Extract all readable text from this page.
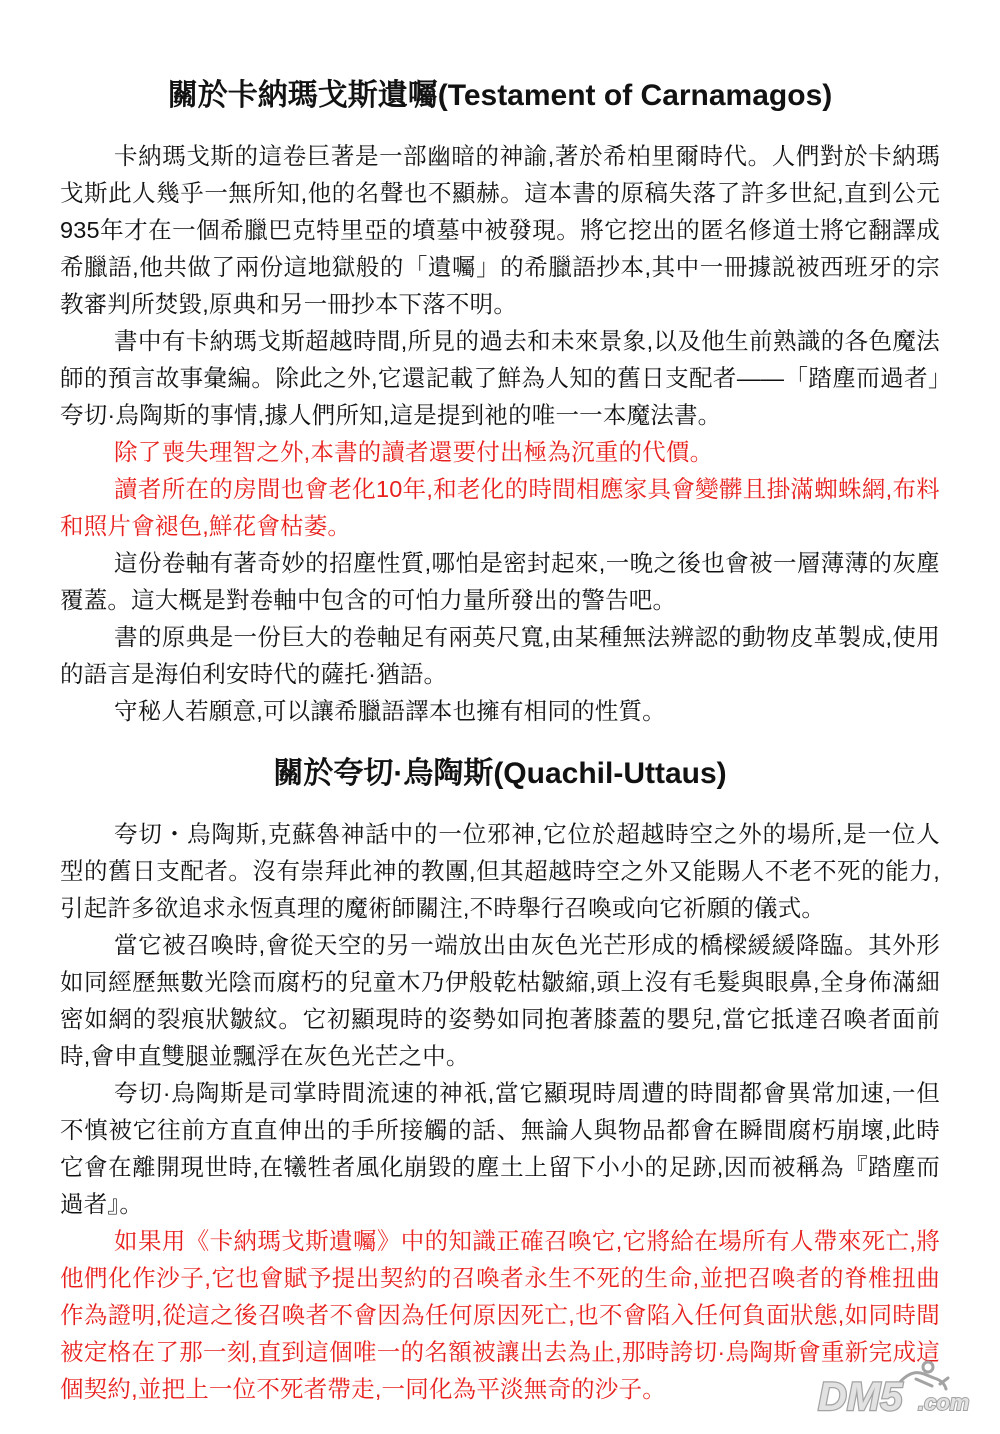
關於卡納瑪戈斯遺囑(Testament of Carnamagos)

卡納瑪戈斯的這卷巨著是一部幽暗的神諭,著於希柏里爾時代。人們對於卡納瑪戈斯此人幾乎一無所知,他的名聲也不顯赫。這本書的原稿失落了許多世紀,直到公元935年才在一個希臘巴克特里亞的墳墓中被發現。將它挖出的匿名修道士將它翻譯成希臘語,他共做了兩份這地獄般的「遺囑」的希臘語抄本,其中一冊據説被西班牙的宗教審判所焚毀,原典和另一冊抄本下落不明。

書中有卡納瑪戈斯超越時間,所見的過去和未來景象,以及他生前熟識的各色魔法師的預言故事彙編。除此之外,它還記載了鮮為人知的舊日支配者——「踏塵而過者」夸切·烏陶斯的事情,據人們所知,這是提到祂的唯一一本魔法書。

除了喪失理智之外,本書的讀者還要付出極為沉重的代價。

讀者所在的房間也會老化10年,和老化的時間相應家具會變髒且掛滿蜘蛛網,布料和照片會褪色,鮮花會枯萎。

這份卷軸有著奇妙的招塵性質,哪怕是密封起來,一晚之後也會被一層薄薄的灰塵覆蓋。這大概是對卷軸中包含的可怕力量所發出的警告吧。

書的原典是一份巨大的卷軸足有兩英尺寬,由某種無法辨認的動物皮革製成,使用的語言是海伯利安時代的薩托·猶語。

守秘人若願意,可以讓希臘語譯本也擁有相同的性質。

關於夸切·烏陶斯(Quachil-Uttaus)

夸切・烏陶斯,克蘇魯神話中的一位邪神,它位於超越時空之外的場所,是一位人型的舊日支配者。沒有崇拜此神的教團,但其超越時空之外又能賜人不老不死的能力,引起許多欲追求永恆真理的魔術師關注,不時舉行召喚或向它祈願的儀式。

當它被召喚時,會從天空的另一端放出由灰色光芒形成的橋樑緩緩降臨。其外形如同經歷無數光陰而腐朽的兒童木乃伊般乾枯皺縮,頭上沒有毛髮與眼鼻,全身佈滿細密如網的裂痕狀皺紋。它初顯現時的姿勢如同抱著膝蓋的嬰兒,當它抵達召喚者面前時,會申直雙腿並飄浮在灰色光芒之中。

夸切·烏陶斯是司掌時間流速的神祇,當它顯現時周遭的時間都會異常加速,一但不慎被它往前方直直伸出的手所接觸的話、無論人與物品都會在瞬間腐朽崩壞,此時它會在離開現世時,在犧牲者風化崩毀的塵土上留下小小的足跡,因而被稱為『踏塵而過者』。

如果用《卡納瑪戈斯遺囑》中的知識正確召喚它,它將給在場所有人帶來死亡,將他們化作沙子,它也會賦予提出契約的召喚者永生不死的生命,並把召喚者的脊椎扭曲作為證明,從這之後召喚者不會因為任何原因死亡,也不會陷入任何負面狀態,如同時間被定格在了那一刻,直到這個唯一的名額被讓出去為止,那時誇切·烏陶斯會重新完成這個契約,並把上一位不死者帶走,一同化為平淡無奇的沙子。	DM5 .com
